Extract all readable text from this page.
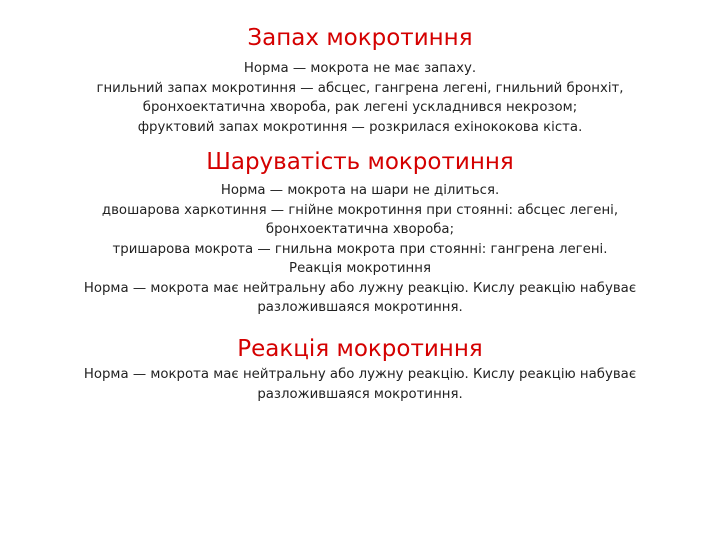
Запах мокротиння
Норма — мокрота не має запаху.
гнильний запах мокротиння — абсцес, гангрена легені, гнильний бронхіт,
бронхоектатична хвороба, рак легені ускладнився некрозом;
фруктовий запах мокротиння — розкрилася ехінококова кіста.
Шаруватість мокротиння
Норма — мокрота на шари не ділиться.
двошарова харкотиння — гнійне мокротиння при стоянні: абсцес легені,
бронхоектатична хвороба;
тришарова мокрота — гнильна мокрота при стоянні: гангрена легені.
Реакція мокротиння
Норма — мокрота має нейтральну або лужну реакцію. Кислу реакцію набуває
разложившаяся мокротиння.
Реакція мокротиння
Норма — мокрота має нейтральну або лужну реакцію. Кислу реакцію набуває
разложившаяся мокротиння.
